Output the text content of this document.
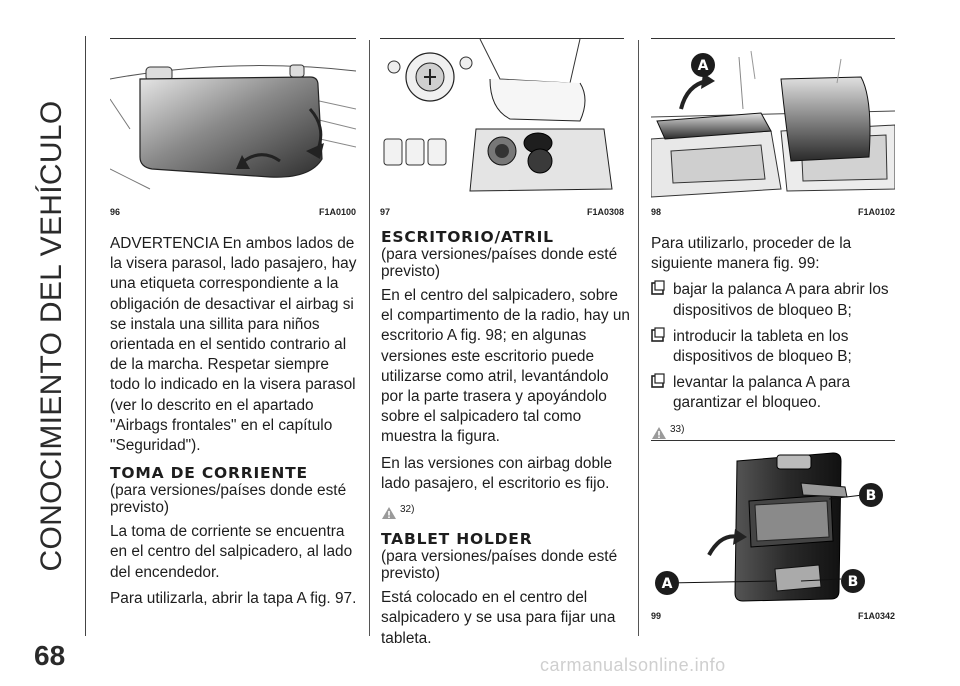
CONOCIMIENTO DEL VEHÍCULO
68
96	F1A0100	97	F1A0308
A
98	F1A0102
A
B
B
99	F1A0342

ADVERTENCIA En ambos lados de la visera parasol, lado pasajero, hay una etiqueta correspondiente a la obligación de desactivar el airbag si se instala una sillita para niños orientada en el sentido contrario al de la marcha. Respetar siempre todo lo indicado en la visera parasol (ver lo descrito en el apartado "Airbags frontales" en el capítulo "Seguridad").

TOMA DE CORRIENTE

(para versiones/países donde esté previsto)

La toma de corriente se encuentra en el centro del salpicadero, al lado del encendedor.

Para utilizarla, abrir la tapa A fig. 97.

ESCRITORIO/ATRIL

(para versiones/países donde esté previsto)

En el centro del salpicadero, sobre el compartimento de la radio, hay un escritorio A fig. 98; en algunas versiones este escritorio puede utilizarse como atril, levantándolo por la parte trasera y apoyándolo sobre el salpicadero tal como muestra la figura.

En las versiones con airbag doble lado pasajero, el escritorio es fijo.

32)
TABLET HOLDER

(para versiones/países donde esté previsto)

Está colocado en el centro del salpicadero y se usa para fijar una tableta.

Para utilizarlo, proceder de la siguiente manera fig. 99:

bajar la palanca A para abrir los dispositivos de bloqueo B;
introducir la tableta en los dispositivos de bloqueo B;
levantar la palanca A para garantizar el bloqueo.
33)
carmanualsonline.info
